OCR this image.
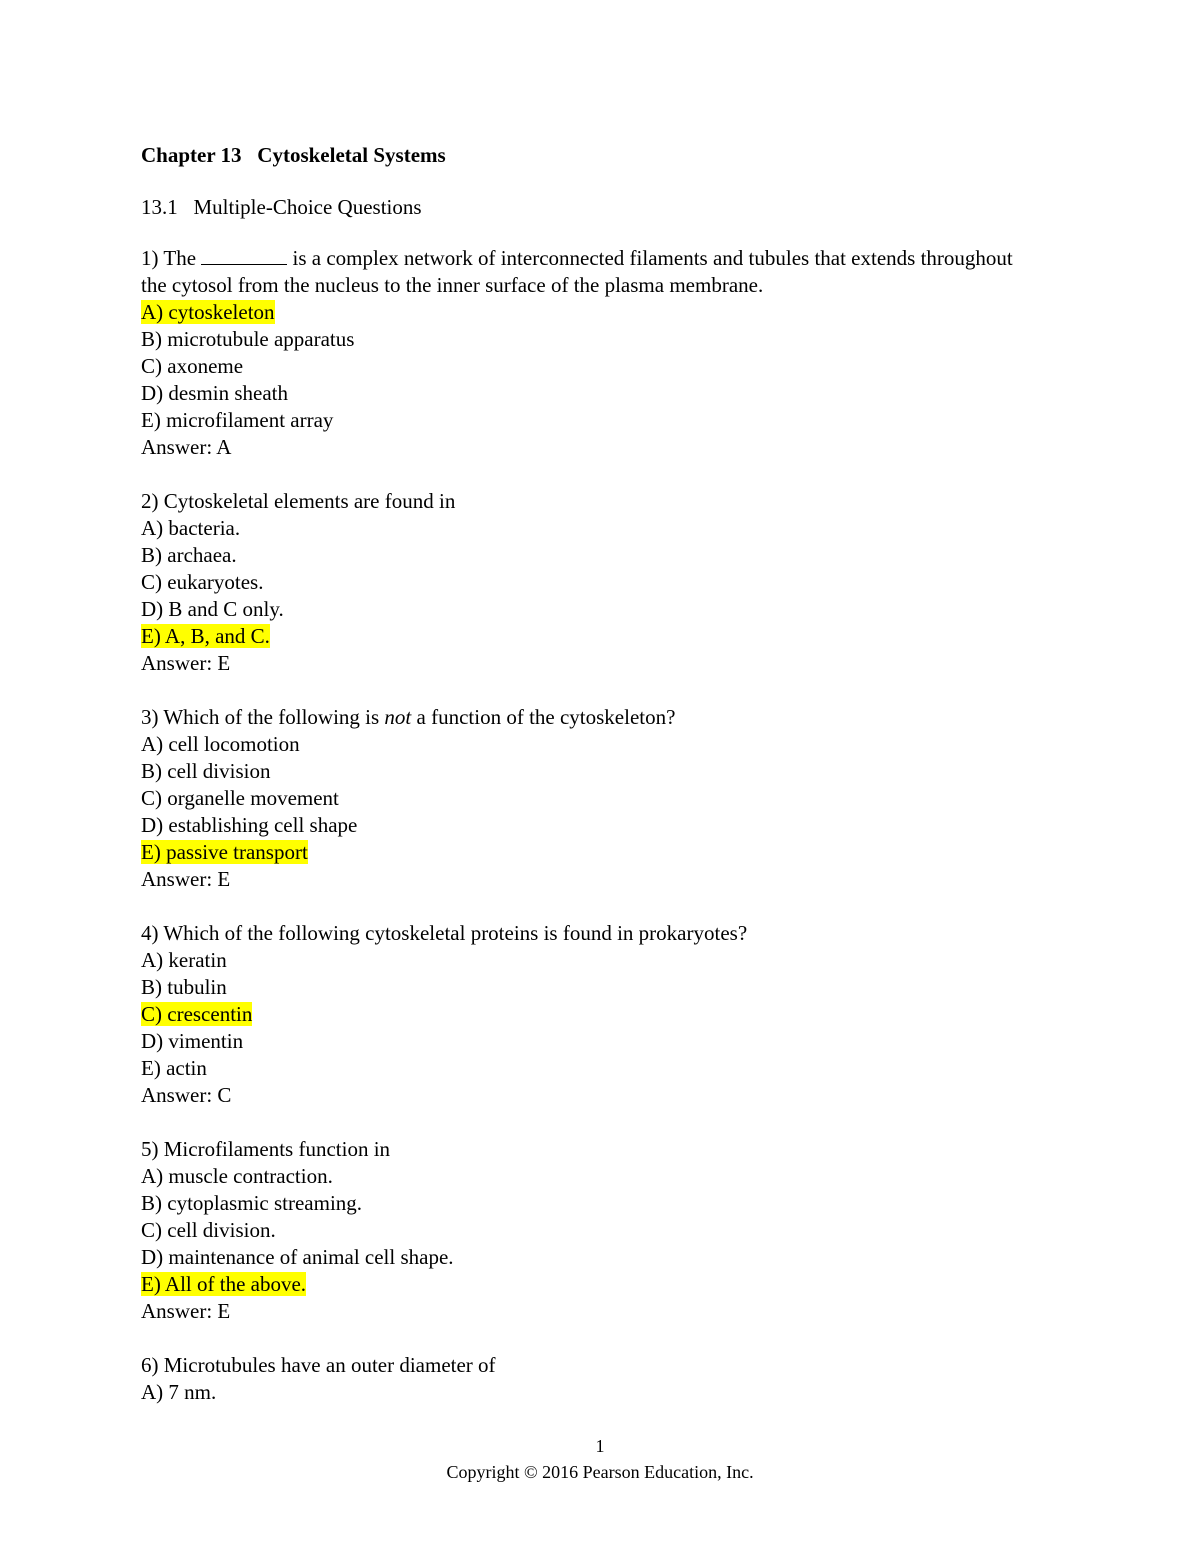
Chapter 13   Cytoskeletal Systems
13.1   Multiple-Choice Questions

1) The	is a complex network of interconnected filaments and tubules that extends throughout the cytosol from the nucleus to the inner surface of the plasma membrane.

A) cytoskeleton
B) microtubule apparatus
C) axoneme
D) desmin sheath
E) microfilament array
Answer: A

2) Cytoskeletal elements are found in

A) bacteria.
B) archaea.
C) eukaryotes.
D) B and C only.
E) A, B, and C.
Answer: E

3) Which of the following is not a function of the cytoskeleton?

A) cell locomotion
B) cell division
C) organelle movement
D) establishing cell shape
E) passive transport
Answer: E

4) Which of the following cytoskeletal proteins is found in prokaryotes?

A) keratin
B) tubulin
C) crescentin
D) vimentin
E) actin
Answer: C

5) Microfilaments function in

A) muscle contraction.
B) cytoplasmic streaming.
C) cell division.
D) maintenance of animal cell shape.
E) All of the above.
Answer: E

6) Microtubules have an outer diameter of

A) 7 nm.
1
Copyright © 2016 Pearson Education, Inc.
